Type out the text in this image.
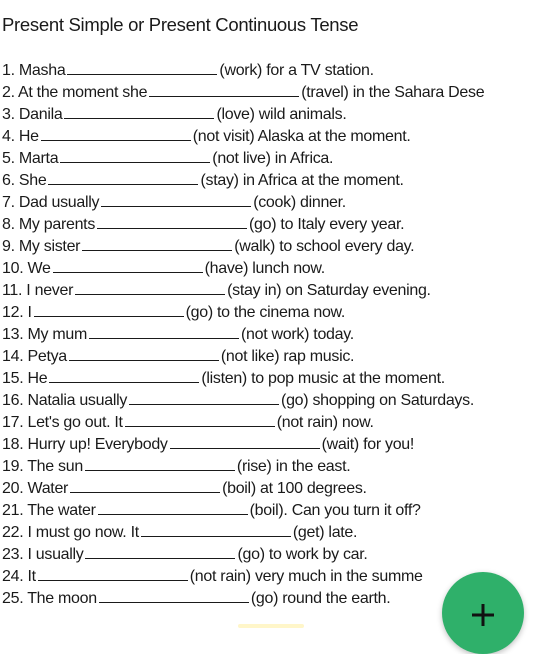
Present Simple or Present Continuous Tense
1. Masha	(work) for a TV station.
2. At the moment she	(travel) in the Sahara Dese
3. Danila	(love) wild animals.
4. He	(not visit) Alaska at the moment.
5. Marta	(not live) in Africa.
6. She	(stay) in Africa at the moment.
7. Dad usually	(cook) dinner.
8. My parents	(go) to Italy every year.
9. My sister	(walk) to school every day.
10. We	(have) lunch now.
11. I never	(stay in) on Saturday evening.
12. I	(go) to the cinema now.
13. My mum	(not work) today.
14. Petya	(not like) rap music.
15. He	(listen) to pop music at the moment.
16. Natalia usually	(go) shopping on Saturdays.
17. Let's go out. It	(not rain) now.
18. Hurry up! Everybody	(wait) for you!
19. The sun	(rise) in the east.
20. Water	(boil) at 100 degrees.
21. The water	(boil). Can you turn it off?
22. I must go now. It	(get) late.
23. I usually	(go) to work by car.
24. It	(not rain) very much in the summe
25. The moon	(go) round the earth.
